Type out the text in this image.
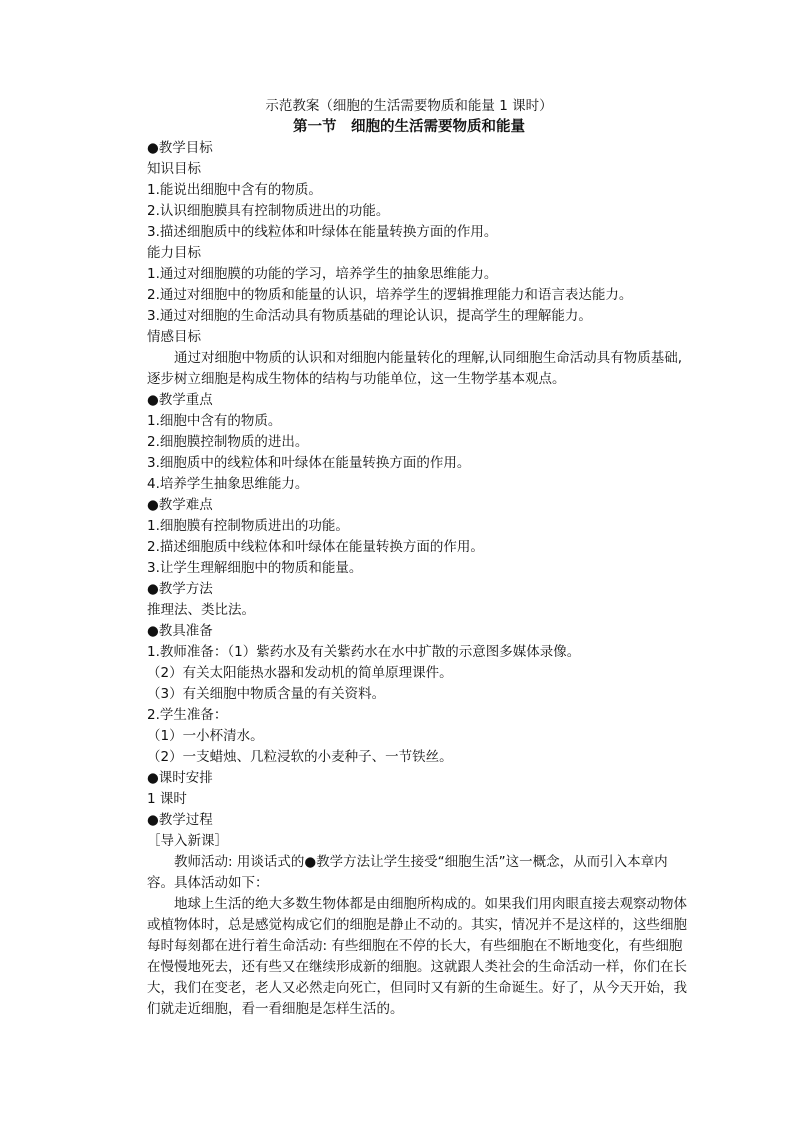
示范教案（细胞的生活需要物质和能量 1 课时）
第一节　细胞的生活需要物质和能量
●教学目标
知识目标
1.能说出细胞中含有的物质。
2.认识细胞膜具有控制物质进出的功能。
3.描述细胞质中的线粒体和叶绿体在能量转换方面的作用。
能力目标
1.通过对细胞膜的功能的学习，培养学生的抽象思维能力。
2.通过对细胞中的物质和能量的认识，培养学生的逻辑推理能力和语言表达能力。
3.通过对细胞的生命活动具有物质基础的理论认识，提高学生的理解能力。
情感目标
　　通过对细胞中物质的认识和对细胞内能量转化的理解,认同细胞生命活动具有物质基础,
逐步树立细胞是构成生物体的结构与功能单位，这一生物学基本观点。
●教学重点
1.细胞中含有的物质。
2.细胞膜控制物质的进出。
3.细胞质中的线粒体和叶绿体在能量转换方面的作用。
4.培养学生抽象思维能力。
●教学难点
1.细胞膜有控制物质进出的功能。
2.描述细胞质中线粒体和叶绿体在能量转换方面的作用。
3.让学生理解细胞中的物质和能量。
●教学方法
推理法、类比法。
●教具准备
1.教师准备：（1）紫药水及有关紫药水在水中扩散的示意图多媒体录像。
（2）有关太阳能热水器和发动机的简单原理课件。
（3）有关细胞中物质含量的有关资料。
2.学生准备：
（1）一小杯清水。
（2）一支蜡烛、几粒浸软的小麦种子、一节铁丝。
●课时安排
1 课时
●教学过程
［导入新课］
　　教师活动: 用谈话式的●教学方法让学生接受“细胞生活”这一概念，从而引入本章内
容。具体活动如下：
　　地球上生活的绝大多数生物体都是由细胞所构成的。如果我们用肉眼直接去观察动物体
或植物体时，总是感觉构成它们的细胞是静止不动的。其实，情况并不是这样的，这些细胞
每时每刻都在进行着生命活动: 有些细胞在不停的长大，有些细胞在不断地变化，有些细胞
在慢慢地死去，还有些又在继续形成新的细胞。这就跟人类社会的生命活动一样，你们在长
大，我们在变老，老人又必然走向死亡，但同时又有新的生命诞生。好了，从今天开始，我
们就走近细胞，看一看细胞是怎样生活的。
